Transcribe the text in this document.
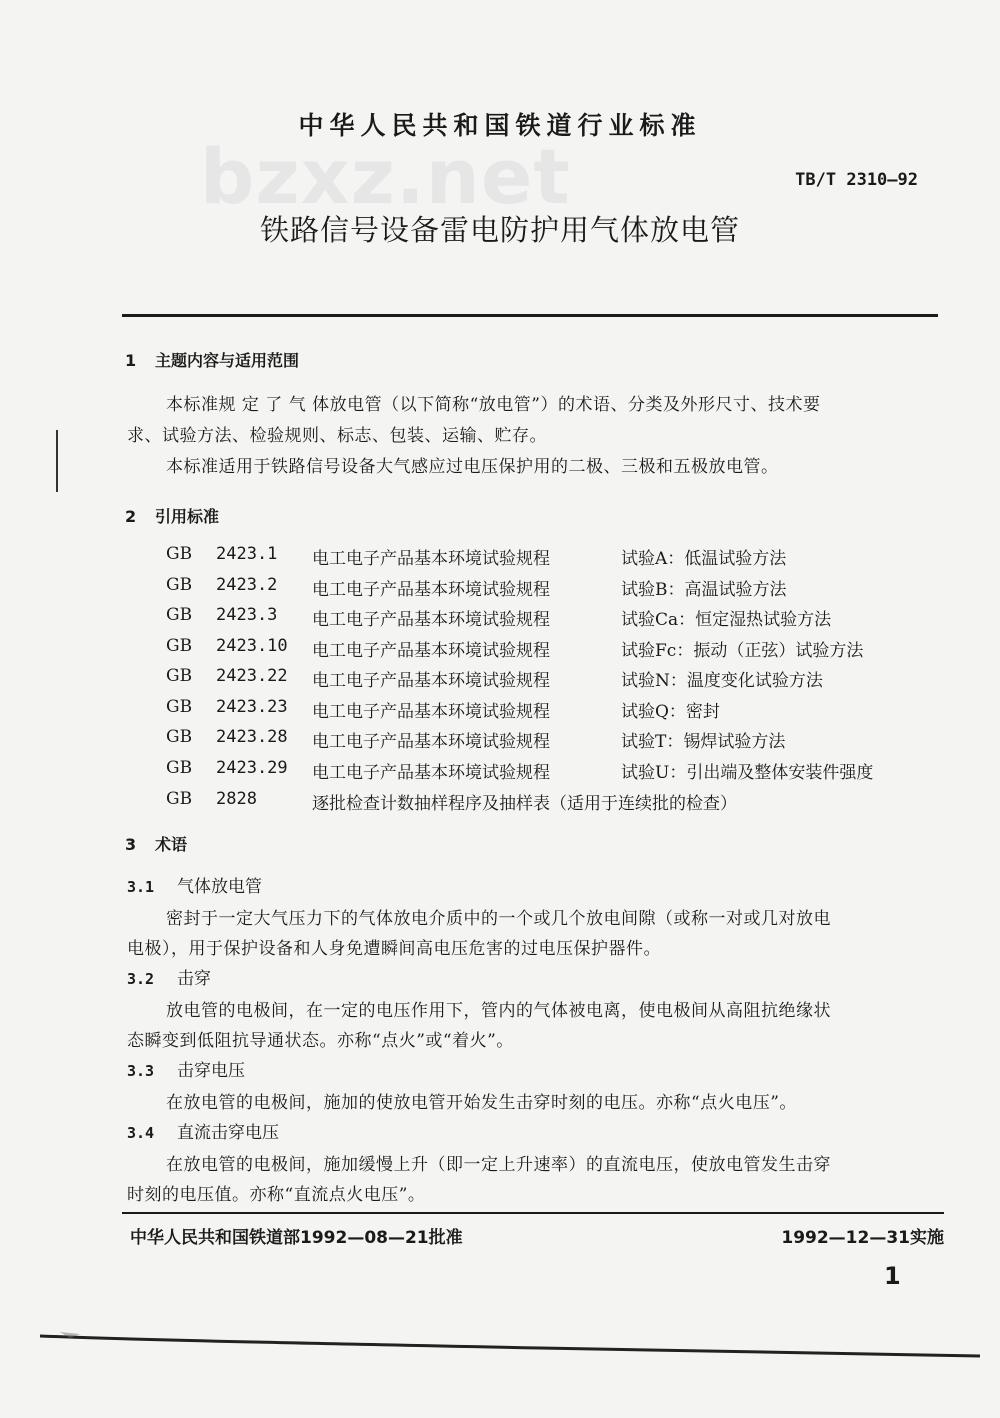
中华人民共和国铁道行业标准
bzxz.net	TB/T 2310—92
铁路信号设备雷电防护用气体放电管
1 主题内容与适用范围
本标准规 定 了 气 体放电管（以下简称“放电管”）的术语、分类及外形尺寸、技术要
求、试验方法、检验规则、标志、包装、运输、贮存。
本标准适用于铁路信号设备大气感应过电压保护用的二极、三极和五极放电管。
2 引用标准
GB 2423.1 电工电子产品基本环境试验规程	试验A：低温试验方法
GB 2423.2 电工电子产品基本环境试验规程	试验B：高温试验方法
GB 2423.3 电工电子产品基本环境试验规程	试验Ca：恒定湿热试验方法
GB 2423.10 电工电子产品基本环境试验规程	试验Fc：振动（正弦）试验方法
GB 2423.22 电工电子产品基本环境试验规程	试验N：温度变化试验方法
GB 2423.23 电工电子产品基本环境试验规程	试验Q：密封
GB 2423.28 电工电子产品基本环境试验规程	试验T：锡焊试验方法
GB 2423.29 电工电子产品基本环境试验规程	试验U：引出端及整体安装件强度
GB 2828	逐批检查计数抽样程序及抽样表（适用于连续批的检查）
3 术语
3.1 气体放电管
密封于一定大气压力下的气体放电介质中的一个或几个放电间隙（或称一对或几对放电
电极），用于保护设备和人身免遭瞬间高电压危害的过电压保护器件。
3.2 击穿
放电管的电极间，在一定的电压作用下，管内的气体被电离，使电极间从高阻抗绝缘状
态瞬变到低阻抗导通状态。亦称“点火”或“着火”。
3.3 击穿电压
在放电管的电极间，施加的使放电管开始发生击穿时刻的电压。亦称“点火电压”。
3.4 直流击穿电压
在放电管的电极间，施加缓慢上升（即一定上升速率）的直流电压，使放电管发生击穿
时刻的电压值。亦称“直流点火电压”。
中华人民共和国铁道部1992—08—21批准	1992—12—31实施
1
